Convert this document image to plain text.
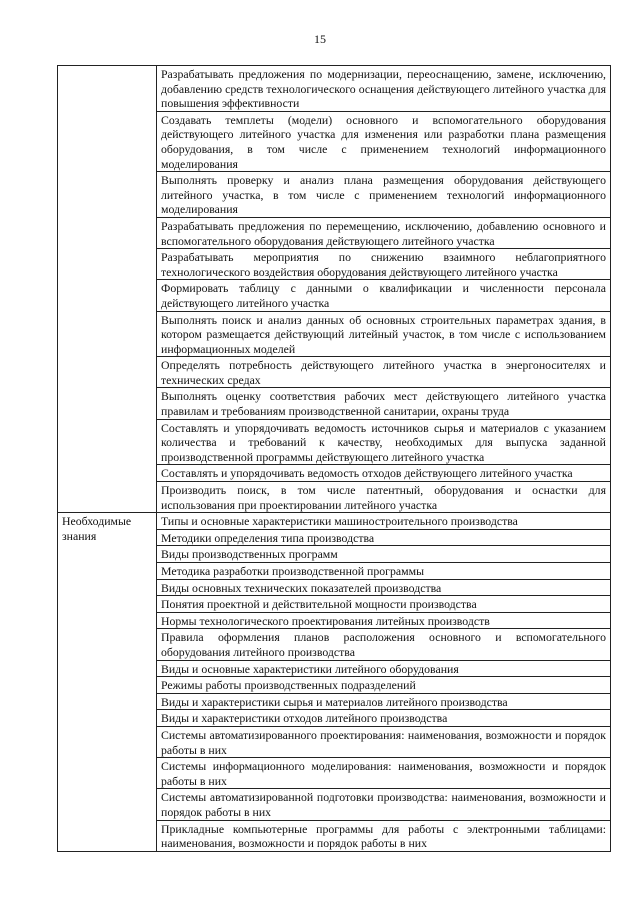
15
	Разрабатывать предложения по модернизации, переоснащению, замене, исключению, добавлению средств технологического оснащения действующего литейного участка для повышения эффективности
	Создавать темплеты (модели) основного и вспомогательного оборудования действующего литейного участка для изменения или разработки плана размещения оборудования, в том числе с применением технологий информационного моделирования
	Выполнять проверку и анализ плана размещения оборудования действующего литейного участка, в том числе с применением технологий информационного моделирования
	Разрабатывать предложения по перемещению, исключению, добавлению основного и вспомогательного оборудования действующего литейного участка
	Разрабатывать мероприятия по снижению взаимного неблагоприятного технологического воздействия оборудования действующего литейного участка
	Формировать таблицу с данными о квалификации и численности персонала действующего литейного участка
	Выполнять поиск и анализ данных об основных строительных параметрах здания, в котором размещается действующий литейный участок, в том числе с использованием информационных моделей
	Определять потребность действующего литейного участка в энергоносителях и технических средах
	Выполнять оценку соответствия рабочих мест действующего литейного участка правилам и требованиям производственной санитарии, охраны труда
	Составлять и упорядочивать ведомость источников сырья и материалов с указанием количества и требований к качеству, необходимых для выпуска заданной производственной программы действующего литейного участка
	Составлять и упорядочивать ведомость отходов действующего литейного участка
	Производить поиск, в том числе патентный, оборудования и оснастки для использования при проектировании литейного участка
Необходимые знания	Типы и основные характеристики машиностроительного производства
	Методики определения типа производства
	Виды производственных программ
	Методика разработки производственной программы
	Виды основных технических показателей производства
	Понятия проектной и действительной мощности производства
	Нормы технологического проектирования литейных производств
	Правила оформления планов расположения основного и вспомогательного оборудования литейного производства
	Виды и основные характеристики литейного оборудования
	Режимы работы производственных подразделений
	Виды и характеристики сырья и материалов литейного производства
	Виды и характеристики отходов литейного производства
	Системы автоматизированного проектирования: наименования, возможности и порядок работы в них
	Системы информационного моделирования: наименования, возможности и порядок работы в них
	Системы автоматизированной подготовки производства: наименования, возможности и порядок работы в них
	Прикладные компьютерные программы для работы с электронными таблицами: наименования, возможности и порядок работы в них
